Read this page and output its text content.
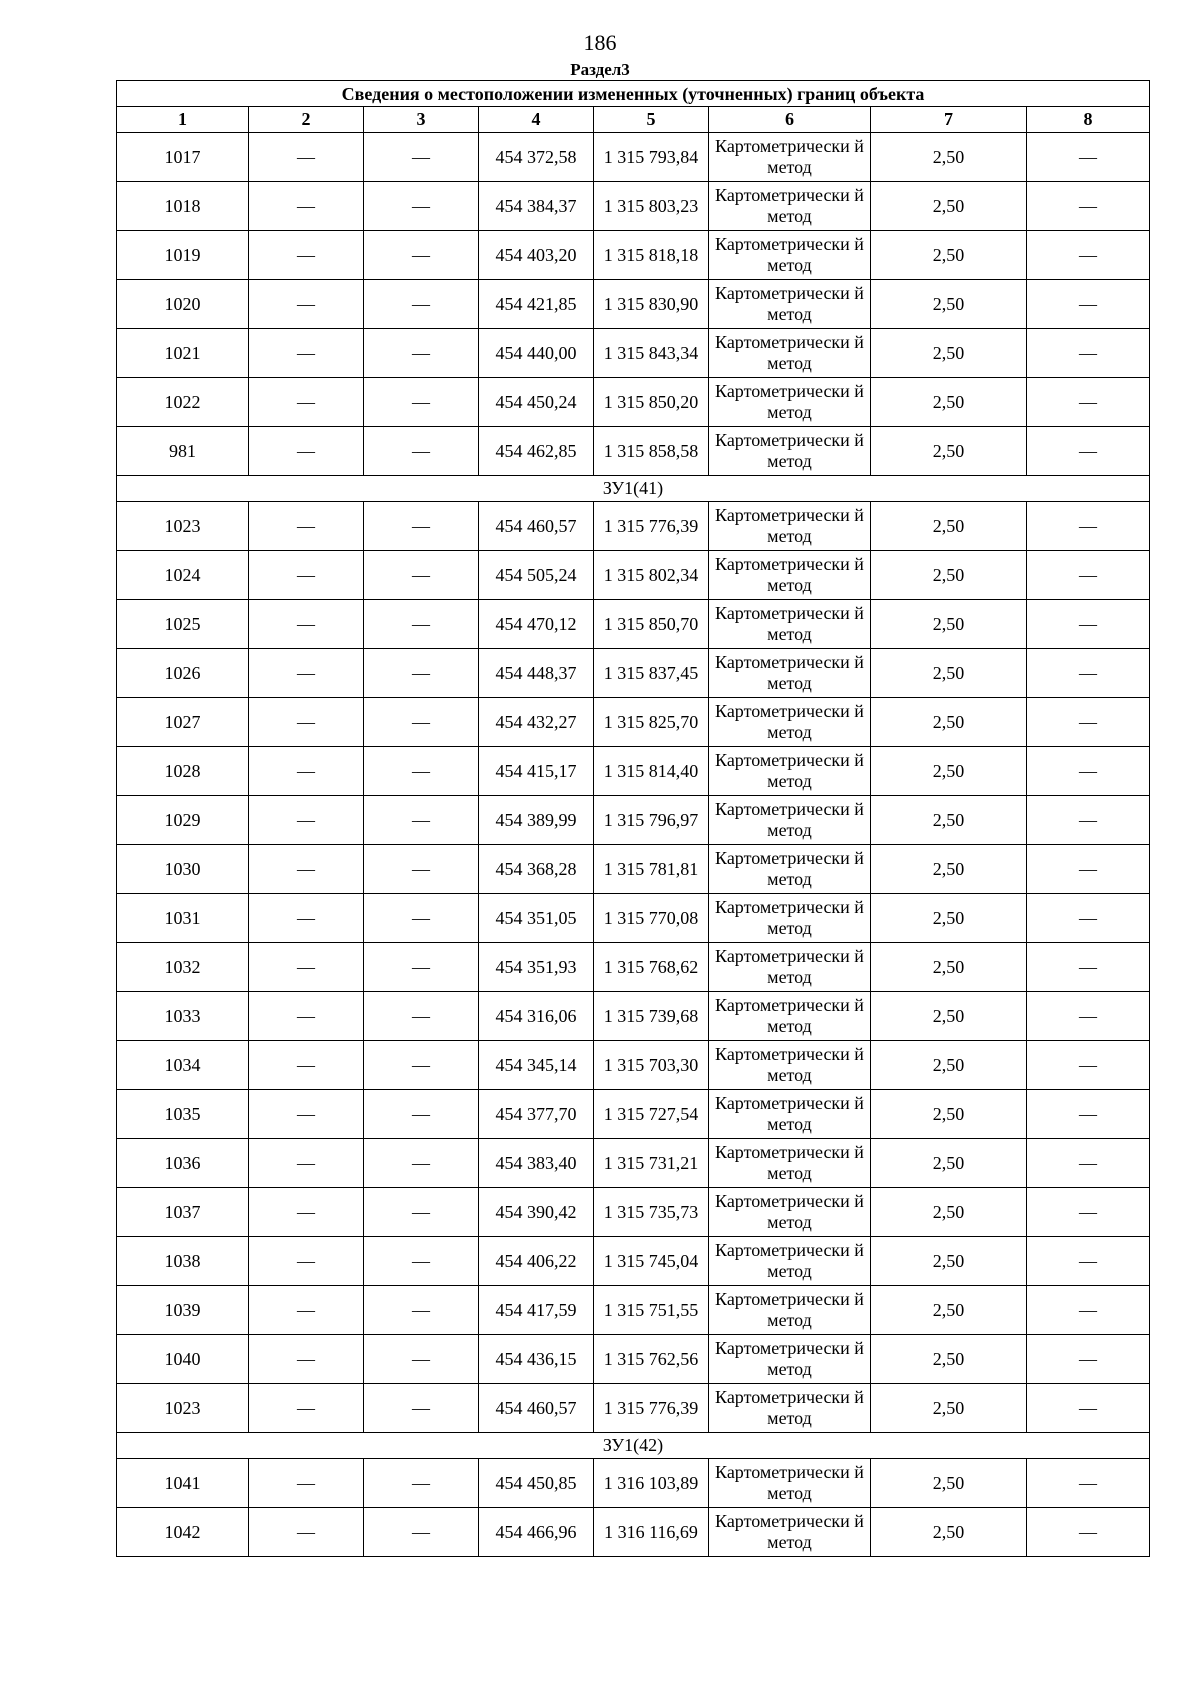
186
Раздел3
Сведения о местоположении измененных (уточненных) границ объекта							
1	2	3	4	5	6	7	8
1017	—	—	454 372,58	1 315 793,84	Картометрически й метод	2,50	—
1018	—	—	454 384,37	1 315 803,23	Картометрически й метод	2,50	—
1019	—	—	454 403,20	1 315 818,18	Картометрически й метод	2,50	—
1020	—	—	454 421,85	1 315 830,90	Картометрически й метод	2,50	—
1021	—	—	454 440,00	1 315 843,34	Картометрически й метод	2,50	—
1022	—	—	454 450,24	1 315 850,20	Картометрически й метод	2,50	—
981	—	—	454 462,85	1 315 858,58	Картометрически й метод	2,50	—
ЗУ1(41)							
1023	—	—	454 460,57	1 315 776,39	Картометрически й метод	2,50	—
1024	—	—	454 505,24	1 315 802,34	Картометрически й метод	2,50	—
1025	—	—	454 470,12	1 315 850,70	Картометрически й метод	2,50	—
1026	—	—	454 448,37	1 315 837,45	Картометрически й метод	2,50	—
1027	—	—	454 432,27	1 315 825,70	Картометрически й метод	2,50	—
1028	—	—	454 415,17	1 315 814,40	Картометрически й метод	2,50	—
1029	—	—	454 389,99	1 315 796,97	Картометрически й метод	2,50	—
1030	—	—	454 368,28	1 315 781,81	Картометрически й метод	2,50	—
1031	—	—	454 351,05	1 315 770,08	Картометрически й метод	2,50	—
1032	—	—	454 351,93	1 315 768,62	Картометрически й метод	2,50	—
1033	—	—	454 316,06	1 315 739,68	Картометрически й метод	2,50	—
1034	—	—	454 345,14	1 315 703,30	Картометрически й метод	2,50	—
1035	—	—	454 377,70	1 315 727,54	Картометрически й метод	2,50	—
1036	—	—	454 383,40	1 315 731,21	Картометрически й метод	2,50	—
1037	—	—	454 390,42	1 315 735,73	Картометрически й метод	2,50	—
1038	—	—	454 406,22	1 315 745,04	Картометрически й метод	2,50	—
1039	—	—	454 417,59	1 315 751,55	Картометрически й метод	2,50	—
1040	—	—	454 436,15	1 315 762,56	Картометрически й метод	2,50	—
1023	—	—	454 460,57	1 315 776,39	Картометрически й метод	2,50	—
ЗУ1(42)							
1041	—	—	454 450,85	1 316 103,89	Картометрически й метод	2,50	—
1042	—	—	454 466,96	1 316 116,69	Картометрически й метод	2,50	—
